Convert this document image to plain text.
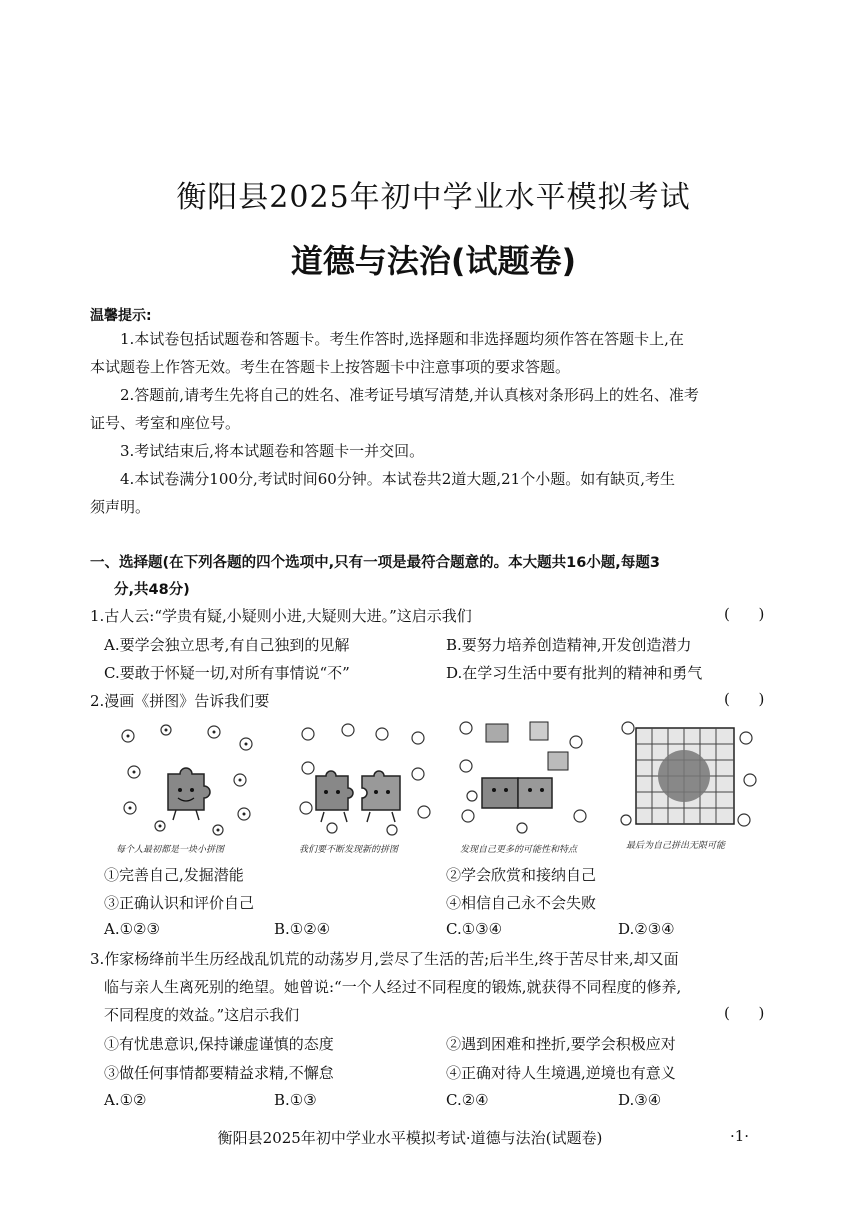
衡阳县2025年初中学业水平模拟考试
道德与法治(试题卷)
温馨提示:
1.本试卷包括试题卷和答题卡。考生作答时,选择题和非选择题均须作答在答题卡上,在
本试题卷上作答无效。考生在答题卡上按答题卡中注意事项的要求答题。
2.答题前,请考生先将自己的姓名、准考证号填写清楚,并认真核对条形码上的姓名、准考
证号、考室和座位号。
3.考试结束后,将本试题卷和答题卡一并交回。
4.本试卷满分100分,考试时间60分钟。本试卷共2道大题,21个小题。如有缺页,考生
须声明。
一、选择题(在下列各题的四个选项中,只有一项是最符合题意的。本大题共16小题,每题3
分,共48分)
1.古人云:“学贵有疑,小疑则小进,大疑则大进。”这启示我们	(      )
A.要学会独立思考,有自己独到的见解	B.要努力培养创造精神,开发创造潜力
C.要敢于怀疑一切,对所有事情说“不”	D.在学习生活中要有批判的精神和勇气
2.漫画《拼图》告诉我们要	(      )
每个人最初都是一块小拼图	我们要不断发现新的拼图	发现自己更多的可能性和特点	最后为自己拼出无限可能
①完善自己,发掘潜能	②学会欣赏和接纳自己
③正确认识和评价自己	④相信自己永不会失败
A.①②③	B.①②④	C.①③④	D.②③④
3.作家杨绛前半生历经战乱饥荒的动荡岁月,尝尽了生活的苦;后半生,终于苦尽甘来,却又面
临与亲人生离死别的绝望。她曾说:“一个人经过不同程度的锻炼,就获得不同程度的修养,
不同程度的效益。”这启示我们	(      )
①有忧患意识,保持谦虚谨慎的态度	②遇到困难和挫折,要学会积极应对
③做任何事情都要精益求精,不懈怠	④正确对待人生境遇,逆境也有意义
A.①②	B.①③	C.②④	D.③④
衡阳县2025年初中学业水平模拟考试·道德与法治(试题卷)	·1·
